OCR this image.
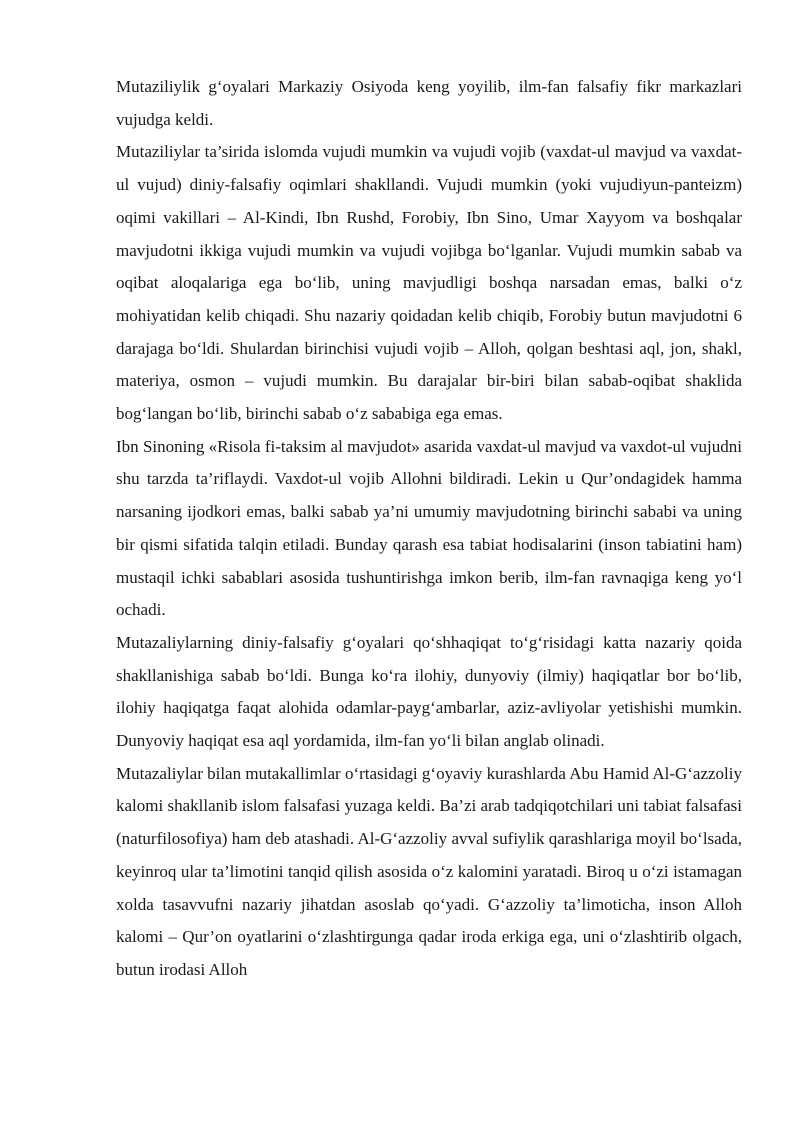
Mutaziliylik g‘oyalari Markaziy Osiyoda keng yoyilib, ilm-fan falsafiy fikr markazlari vujudga keldi.

Mutaziliylar ta’sirida islomda vujudi mumkin va vujudi vojib (vaxdat-ul mavjud va vaxdat-ul vujud) diniy-falsafiy oqimlari shakllandi. Vujudi mumkin (yoki vujudiyun-panteizm) oqimi vakillari – Al-Kindi, Ibn Rushd, Forobiy, Ibn Sino, Umar Xayyom va boshqalar mavjudotni ikkiga vujudi mumkin va vujudi vojibga bo‘lganlar. Vujudi mumkin sabab va oqibat aloqalariga ega bo‘lib, uning mavjudligi boshqa narsadan emas, balki o‘z mohiyatidan kelib chiqadi. Shu nazariy qoidadan kelib chiqib, Forobiy butun mavjudotni 6 darajaga bo‘ldi. Shulardan birinchisi vujudi vojib – Alloh, qolgan beshtasi aql, jon, shakl, materiya, osmon – vujudi mumkin. Bu darajalar bir-biri bilan sabab-oqibat shaklida bog‘langan bo‘lib, birinchi sabab o‘z sababiga ega emas.

Ibn Sinoning «Risola fi-taksim al mavjudot» asarida vaxdat-ul mavjud va vaxdot-ul vujudni shu tarzda ta’riflaydi. Vaxdot-ul vojib Allohni bildiradi. Lekin u Qur’ondagidek hamma narsaning ijodkori emas, balki sabab ya’ni umumiy mavjudotning birinchi sababi va uning bir qismi sifatida talqin etiladi. Bunday qarash esa tabiat hodisalarini (inson tabiatini ham) mustaqil ichki sabablari asosida tushuntirishga imkon berib, ilm-fan ravnaqiga keng yo‘l ochadi.

Mutazaliylarning diniy-falsafiy g‘oyalari qo‘shhaqiqat to‘g‘risidagi katta nazariy qoida shakllanishiga sabab bo‘ldi. Bunga ko‘ra ilohiy, dunyoviy (ilmiy) haqiqatlar bor bo‘lib, ilohiy haqiqatga faqat alohida odamlar-payg‘ambarlar, aziz-avliyolar yetishishi mumkin. Dunyoviy haqiqat esa aql yordamida, ilm-fan yo‘li bilan anglab olinadi.

Mutazaliylar bilan mutakallimlar o‘rtasidagi g‘oyaviy kurashlarda Abu Hamid Al-G‘azzoliy kalomi shakllanib islom falsafasi yuzaga keldi. Ba’zi arab tadqiqotchilari uni tabiat falsafasi (naturfilosofiya) ham deb atashadi. Al-G‘azzoliy avval sufiylik qarashlariga moyil bo‘lsada, keyinroq ular ta’limotini tanqid qilish asosida o‘z kalomini yaratadi. Biroq u o‘zi istamagan xolda tasavvufni nazariy jihatdan asoslab qo‘yadi. G‘azzoliy ta’limoticha, inson Alloh kalomi – Qur’on oyatlarini o‘zlashtirgunga qadar iroda erkiga ega, uni o‘zlashtirib olgach, butun irodasi Alloh
